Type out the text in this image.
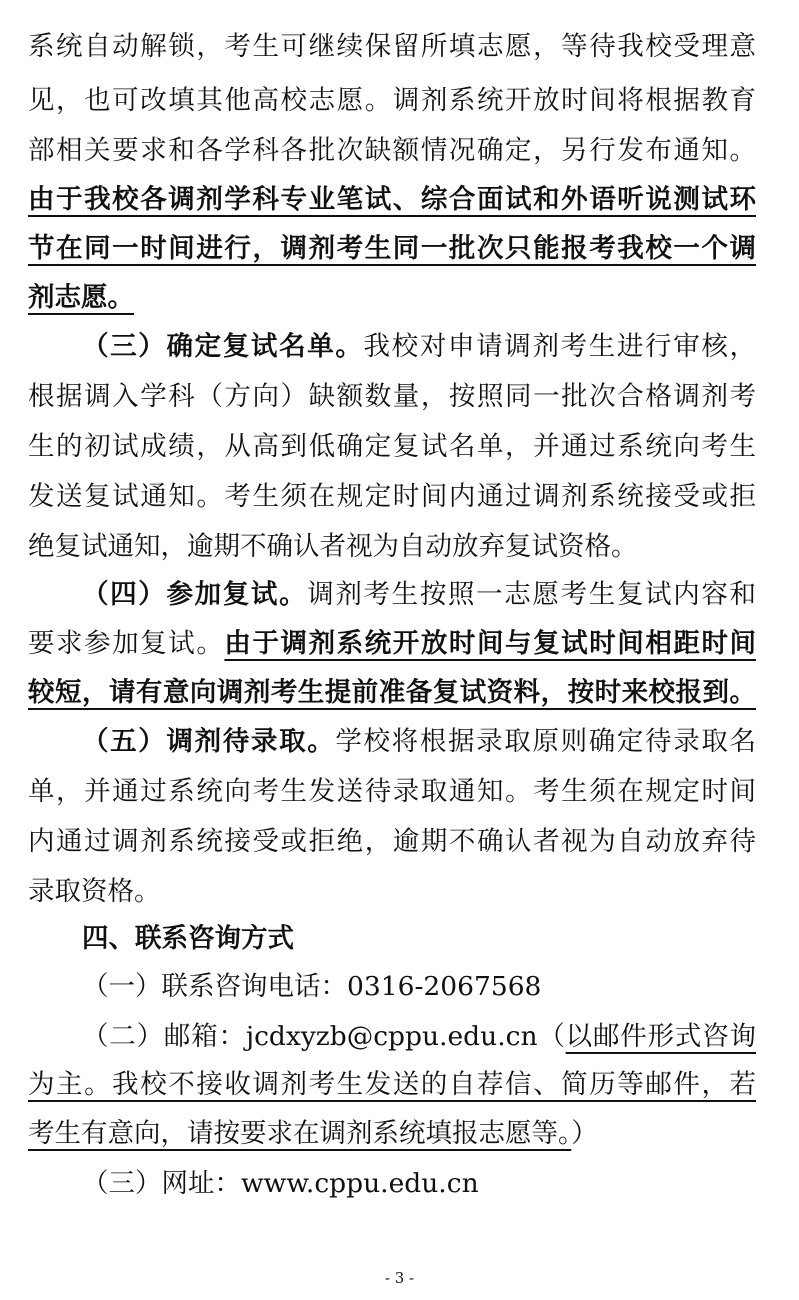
系统自动解锁，考生可继续保留所填志愿，等待我校受理意
见，也可改填其他高校志愿。调剂系统开放时间将根据教育
部相关要求和各学科各批次缺额情况确定，另行发布通知。
由于我校各调剂学科专业笔试、综合面试和外语听说测试环
节在同一时间进行，调剂考生同一批次只能报考我校一个调
剂志愿。
（三）确定复试名单。我校对申请调剂考生进行审核，
根据调入学科（方向）缺额数量，按照同一批次合格调剂考
生的初试成绩，从高到低确定复试名单，并通过系统向考生
发送复试通知。考生须在规定时间内通过调剂系统接受或拒
绝复试通知，逾期不确认者视为自动放弃复试资格。
（四）参加复试。调剂考生按照一志愿考生复试内容和
要求参加复试。由于调剂系统开放时间与复试时间相距时间
较短，请有意向调剂考生提前准备复试资料，按时来校报到。
（五）调剂待录取。学校将根据录取原则确定待录取名
单，并通过系统向考生发送待录取通知。考生须在规定时间
内通过调剂系统接受或拒绝，逾期不确认者视为自动放弃待
录取资格。
四、联系咨询方式
（一）联系咨询电话：0316-2067568
（二）邮箱：jcdxyzb@cppu.edu.cn（以邮件形式咨询
为主。我校不接收调剂考生发送的自荐信、简历等邮件，若
考生有意向，请按要求在调剂系统填报志愿等。）
（三）网址：www.cppu.edu.cn
- 3 -
